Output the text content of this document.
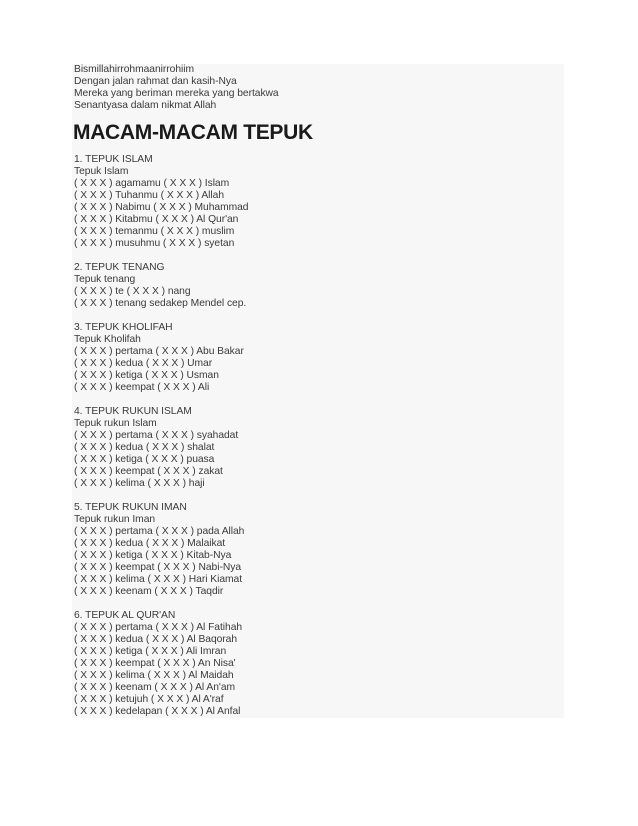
Bismillahirrohmaanirrohiim
Dengan jalan rahmat dan kasih-Nya
Mereka yang beriman mereka yang bertakwa
Senantyasa dalam nikmat Allah
MACAM-MACAM TEPUK
1. TEPUK ISLAM
Tepuk Islam
( X X X ) agamamu ( X X X ) Islam
( X X X ) Tuhanmu ( X X X ) Allah
( X X X ) Nabimu ( X X X ) Muhammad
( X X X ) Kitabmu ( X X X ) Al Qur'an
( X X X ) temanmu ( X X X ) muslim
( X X X ) musuhmu ( X X X ) syetan
2. TEPUK TENANG
Tepuk tenang
( X X X ) te ( X X X ) nang
( X X X ) tenang sedakep Mendel cep.
3. TEPUK KHOLIFAH
Tepuk Kholifah
( X X X ) pertama ( X X X ) Abu Bakar
( X X X ) kedua ( X X X ) Umar
( X X X ) ketiga ( X X X ) Usman
( X X X ) keempat ( X X X ) Ali
4. TEPUK RUKUN ISLAM
Tepuk rukun Islam
( X X X ) pertama ( X X X ) syahadat
( X X X ) kedua ( X X X ) shalat
( X X X ) ketiga ( X X X ) puasa
( X X X ) keempat ( X X X ) zakat
( X X X ) kelima ( X X X ) haji
5. TEPUK RUKUN IMAN
Tepuk rukun Iman
( X X X ) pertama ( X X X ) pada Allah
( X X X ) kedua ( X X X ) Malaikat
( X X X ) ketiga ( X X X ) Kitab-Nya
( X X X ) keempat ( X X X ) Nabi-Nya
( X X X ) kelima ( X X X ) Hari Kiamat
( X X X ) keenam ( X X X ) Taqdir
6. TEPUK AL QUR'AN
( X X X ) pertama ( X X X ) Al Fatihah
( X X X ) kedua ( X X X ) Al Baqorah
( X X X ) ketiga ( X X X ) Ali Imran
( X X X ) keempat ( X X X ) An Nisa'
( X X X ) kelima ( X X X ) Al Maidah
( X X X ) keenam ( X X X ) Al An'am
( X X X ) ketujuh ( X X X ) Al A'raf
( X X X ) kedelapan ( X X X ) Al Anfal
